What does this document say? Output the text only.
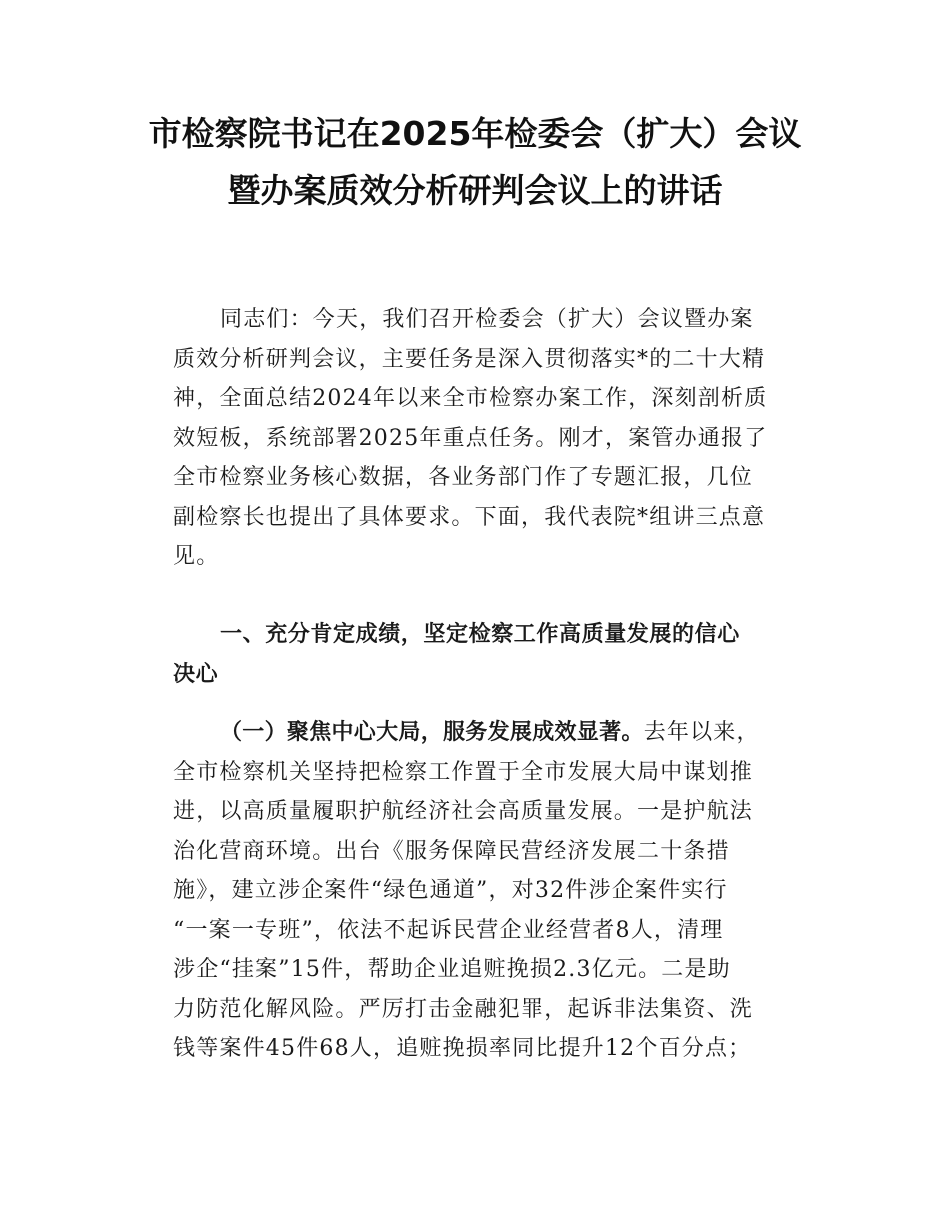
市检察院书记在2025年检委会（扩大）会议
暨办案质效分析研判会议上的讲话
同志们：今天，我们召开检委会（扩大）会议暨办案
质效分析研判会议，主要任务是深入贯彻落实*的二十大精
神，全面总结2024年以来全市检察办案工作，深刻剖析质
效短板，系统部署2025年重点任务。刚才，案管办通报了
全市检察业务核心数据，各业务部门作了专题汇报，几位
副检察长也提出了具体要求。下面，我代表院*组讲三点意
见。
一、充分肯定成绩，坚定检察工作高质量发展的信心
决心
（一）聚焦中心大局，服务发展成效显著。去年以来，
全市检察机关坚持把检察工作置于全市发展大局中谋划推
进，以高质量履职护航经济社会高质量发展。一是护航法
治化营商环境。出台《服务保障民营经济发展二十条措
施》，建立涉企案件“绿色通道”，对32件涉企案件实行
“一案一专班”，依法不起诉民营企业经营者8人，清理
涉企“挂案”15件，帮助企业追赃挽损2.3亿元。二是助
力防范化解风险。严厉打击金融犯罪，起诉非法集资、洗
钱等案件45件68人，追赃挽损率同比提升12个百分点；
